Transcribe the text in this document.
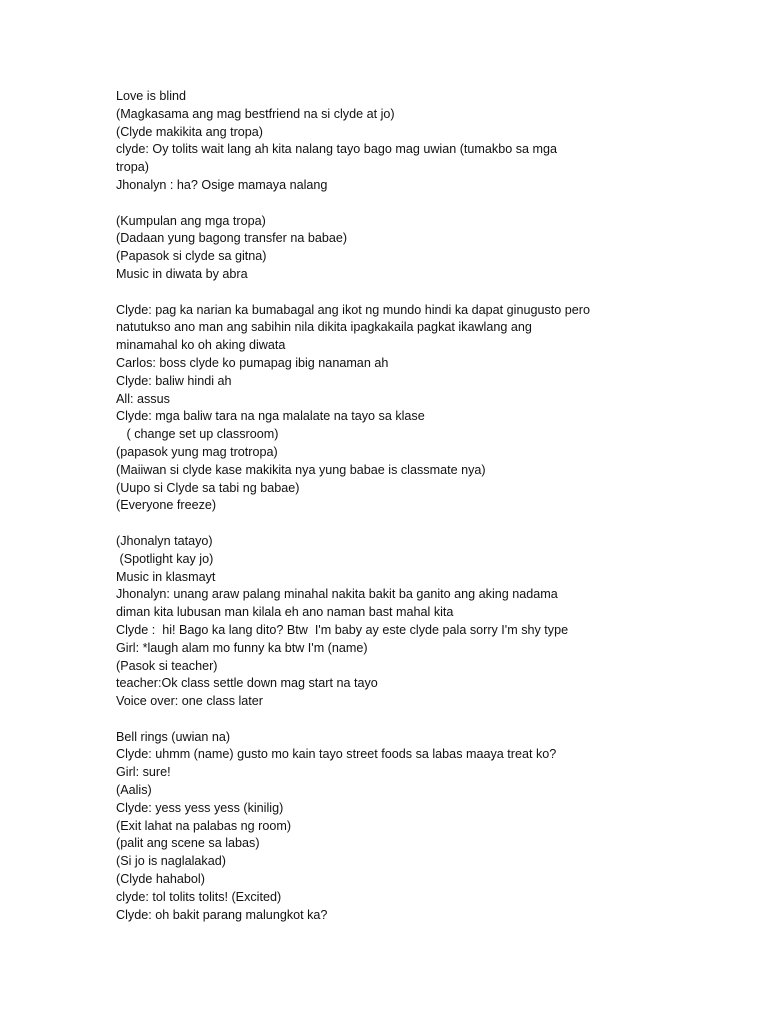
Love is blind

(Magkasama ang mag bestfriend na si clyde at jo)

(Clyde makikita ang tropa)

clyde: Oy tolits wait lang ah kita nalang tayo bago mag uwian (tumakbo sa mga

tropa)

Jhonalyn : ha? Osige mamaya nalang

(Kumpulan ang mga tropa)

(Dadaan yung bagong transfer na babae)

(Papasok si clyde sa gitna)

Music in diwata by abra

Clyde: pag ka narian ka bumabagal ang ikot ng mundo hindi ka dapat ginugusto pero

natutukso ano man ang sabihin nila dikita ipagkakaila pagkat ikawlang ang

minamahal ko oh aking diwata

Carlos: boss clyde ko pumapag ibig nanaman ah

Clyde: baliw hindi ah

All: assus

Clyde: mga baliw tara na nga malalate na tayo sa klase

( change set up classroom)

(papasok yung mag trotropa)

(Maiiwan si clyde kase makikita nya yung babae is classmate nya)

(Uupo si Clyde sa tabi ng babae)

(Everyone freeze)

(Jhonalyn tatayo)

(Spotlight kay jo)

Music in klasmayt

Jhonalyn: unang araw palang minahal nakita bakit ba ganito ang aking nadama

diman kita lubusan man kilala eh ano naman bast mahal kita

Clyde :  hi! Bago ka lang dito? Btw  I'm baby ay este clyde pala sorry I'm shy type

Girl: *laugh alam mo funny ka btw I'm (name)

(Pasok si teacher)

teacher:Ok class settle down mag start na tayo

Voice over: one class later

Bell rings (uwian na)

Clyde: uhmm (name) gusto mo kain tayo street foods sa labas maaya treat ko?

Girl: sure!

(Aalis)

Clyde: yess yess yess (kinilig)

(Exit lahat na palabas ng room)

(palit ang scene sa labas)

(Si jo is naglalakad)

(Clyde hahabol)

clyde: tol tolits tolits! (Excited)

Clyde: oh bakit parang malungkot ka?
